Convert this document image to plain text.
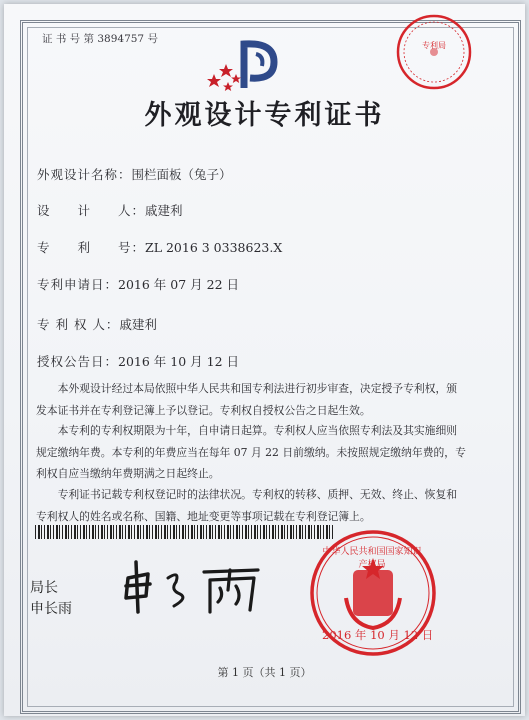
证 书 号 第 3894757 号
专利局
外观设计专利证书
外观设计名称：围栏面板（兔子）
设　　计　　人：戚建利
专　　利　　号：ZL 2016 3 0338623.X
专利申请日：2016 年 07 月 22 日
专 利 权 人：戚建利
授权公告日：2016 年 10 月 12 日
　　本外观设计经过本局依照中华人民共和国专利法进行初步审查，决定授予专利权，颁
发本证书并在专利登记簿上予以登记。专利权自授权公告之日起生效。
　　本专利的专利权期限为十年，自申请日起算。专利权人应当依照专利法及其实施细则
规定缴纳年费。本专利的年费应当在每年 07 月 22 日前缴纳。未按照规定缴纳年费的，专
利权自应当缴纳年费期满之日起终止。
　　专利证书记载专利权登记时的法律状况。专利权的转移、质押、无效、终止、恢复和
专利权人的姓名或名称、国籍、地址变更等事项记载在专利登记簿上。
局长
申长雨
中华人民共和国国家知识产权局
2016 年 10 月 12 日
第 1 页（共 1 页）
